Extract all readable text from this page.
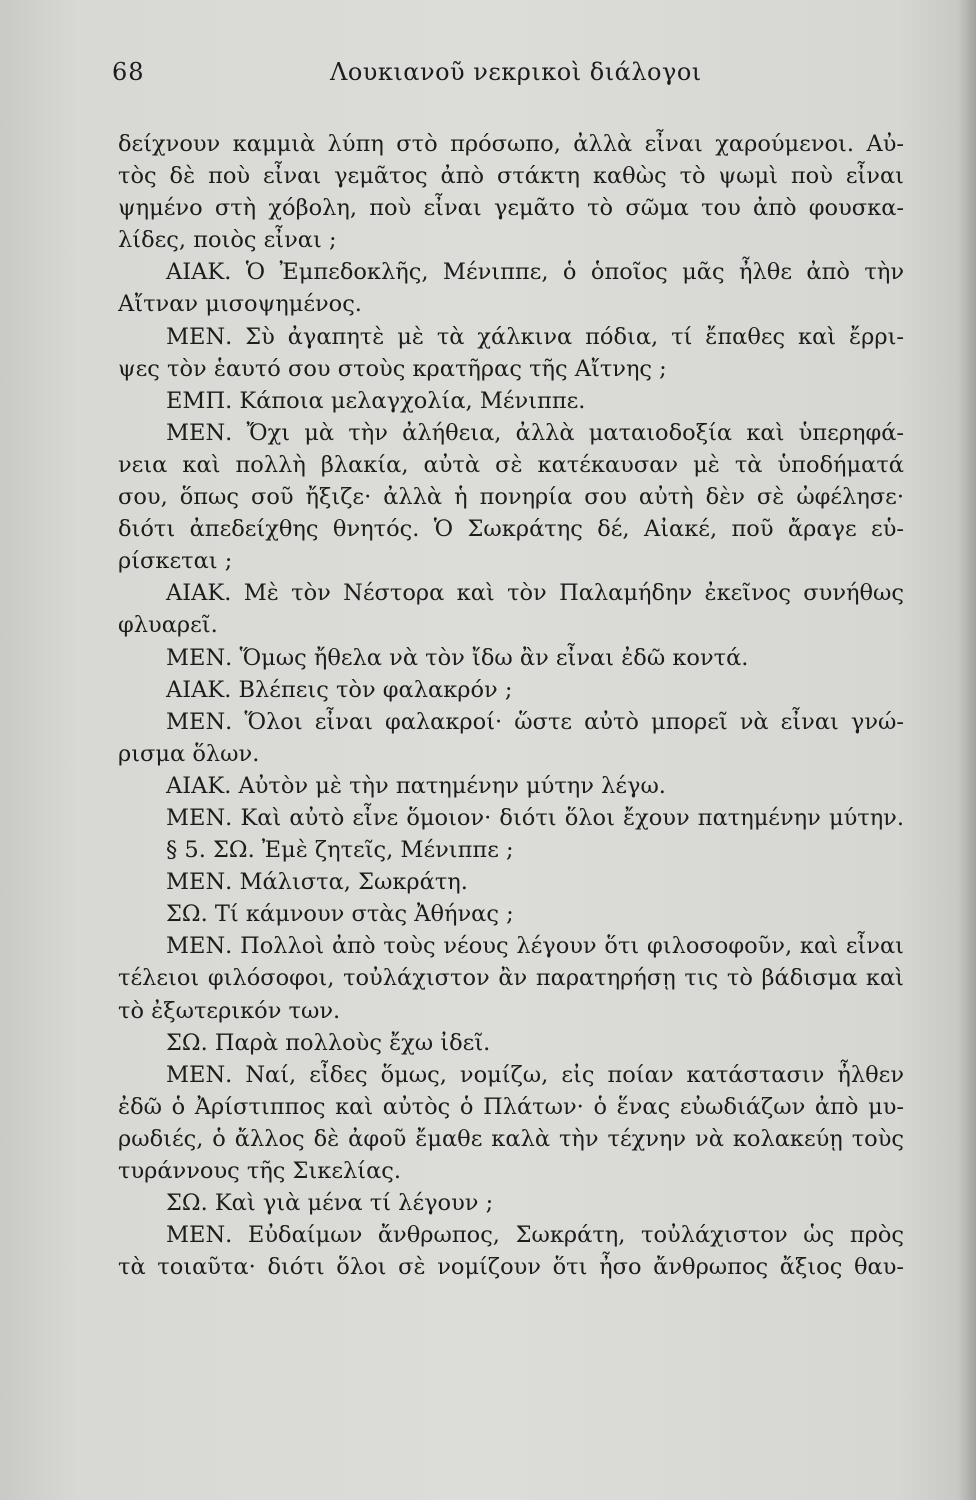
68	Λουκιανοῦ νεκρικοὶ διάλογοι
δείχνουν καμμιὰ λύπη στὸ πρόσωπο, ἀλλὰ εἶναι χαρούμενοι. Αὐ-
τὸς δὲ ποὺ εἶναι γεμᾶτος ἀπὸ στάκτη καθὼς τὸ ψωμὶ ποὺ εἶναι
ψημένο στὴ χόβολη, ποὺ εἶναι γεμᾶτο τὸ σῶμα του ἀπὸ φουσκα-
λίδες, ποιὸς εἶναι ;
ΑΙΑΚ. Ὁ Ἐμπεδοκλῆς, Μένιππε, ὁ ὁποῖος μᾶς ἦλθε ἀπὸ τὴν
Αἴτναν μισοψημένος.
ΜΕΝ. Σὺ ἀγαπητὲ μὲ τὰ χάλκινα πόδια, τί ἔπαθες καὶ ἔρρι-
ψες τὸν ἑαυτό σου στοὺς κρατῆρας τῆς Αἴτνης ;
ΕΜΠ. Κάποια μελαγχολία, Μένιππε.
ΜΕΝ. Ὄχι μὰ τὴν ἀλήθεια, ἀλλὰ ματαιοδοξία καὶ ὑπερηφά-
νεια καὶ πολλὴ βλακία, αὐτὰ σὲ κατέκαυσαν μὲ τὰ ὑποδήματά
σου, ὅπως σοῦ ἤξιζε· ἀλλὰ ἡ πονηρία σου αὐτὴ δὲν σὲ ὠφέλησε·
διότι ἀπεδείχθης θνητός. Ὁ Σωκράτης δέ, Αἰακέ, ποῦ ἄραγε εὑ-
ρίσκεται ;
ΑΙΑΚ. Μὲ τὸν Νέστορα καὶ τὸν Παλαμήδην ἐκεῖνος συνήθως
φλυαρεῖ.
ΜΕΝ. Ὅμως ἤθελα νὰ τὸν ἴδω ἂν εἶναι ἐδῶ κοντά.
ΑΙΑΚ. Βλέπεις τὸν φαλακρόν ;
ΜΕΝ. Ὅλοι εἶναι φαλακροί· ὥστε αὐτὸ μπορεῖ νὰ εἶναι γνώ-
ρισμα ὅλων.
ΑΙΑΚ. Αὐτὸν μὲ τὴν πατημένην μύτην λέγω.
ΜΕΝ. Καὶ αὐτὸ εἶνε ὅμοιον· διότι ὅλοι ἔχουν πατημένην μύτην.
§ 5. ΣΩ. Ἐμὲ ζητεῖς, Μένιππε ;
ΜΕΝ. Μάλιστα, Σωκράτη.
ΣΩ. Τί κάμνουν στὰς Ἀθήνας ;
ΜΕΝ. Πολλοὶ ἀπὸ τοὺς νέους λέγουν ὅτι φιλοσοφοῦν, καὶ εἶναι
τέλειοι φιλόσοφοι, τοὐλάχιστον ἂν παρατηρήσῃ τις τὸ βάδισμα καὶ
τὸ ἐξωτερικόν των.
ΣΩ. Παρὰ πολλοὺς ἔχω ἰδεῖ.
ΜΕΝ. Ναί, εἶδες ὅμως, νομίζω, εἰς ποίαν κατάστασιν ἦλθεν
ἐδῶ ὁ Ἀρίστιππος καὶ αὐτὸς ὁ Πλάτων· ὁ ἕνας εὐωδιάζων ἀπὸ μυ-
ρωδιές, ὁ ἄλλος δὲ ἀφοῦ ἔμαθε καλὰ τὴν τέχνην νὰ κολακεύῃ τοὺς
τυράννους τῆς Σικελίας.
ΣΩ. Καὶ γιὰ μένα τί λέγουν ;
ΜΕΝ. Εὐδαίμων ἄνθρωπος, Σωκράτη, τοὐλάχιστον ὡς πρὸς
τὰ τοιαῦτα· διότι ὅλοι σὲ νομίζουν ὅτι ἦσο ἄνθρωπος ἄξιος θαυ-
